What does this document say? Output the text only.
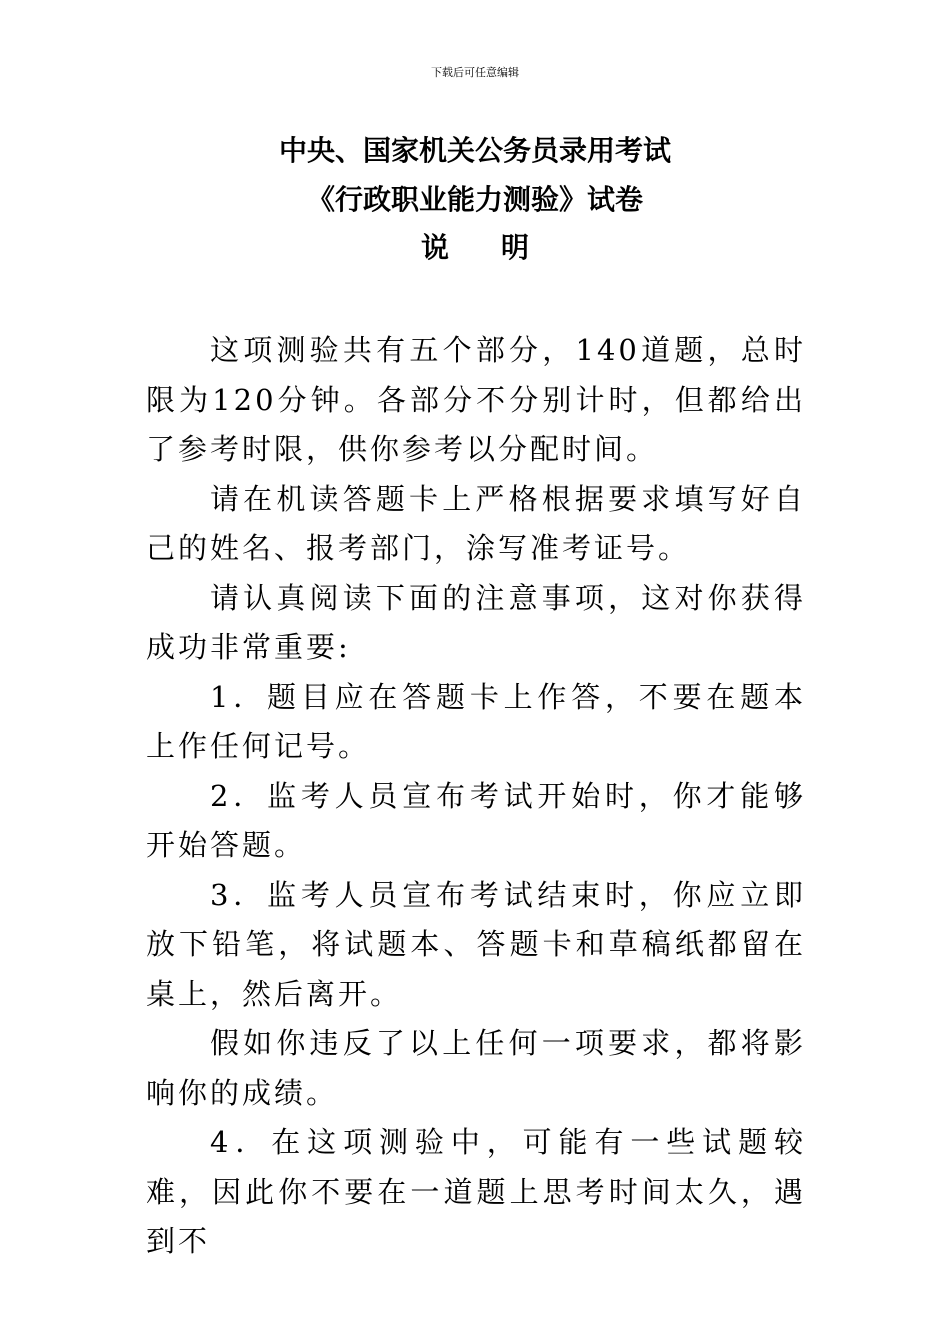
下载后可任意编辑
中央、国家机关公务员录用考试
《行政职业能力测验》试卷
说明

这项测验共有五个部分，140道题，总时限为120分钟。各部分不分别计时，但都给出了参考时限，供你参考以分配时间。

请在机读答题卡上严格根据要求填写好自己的姓名、报考部门，涂写准考证号。

请认真阅读下面的注意事项，这对你获得成功非常重要:

1．题目应在答题卡上作答，不要在题本上作任何记号。

2．监考人员宣布考试开始时，你才能够开始答题。

3．监考人员宣布考试结束时，你应立即放下铅笔，将试题本、答题卡和草稿纸都留在桌上，然后离开。

假如你违反了以上任何一项要求，都将影响你的成绩。

4．在这项测验中，可能有一些试题较难，因此你不要在一道题上思考时间太久，遇到不
